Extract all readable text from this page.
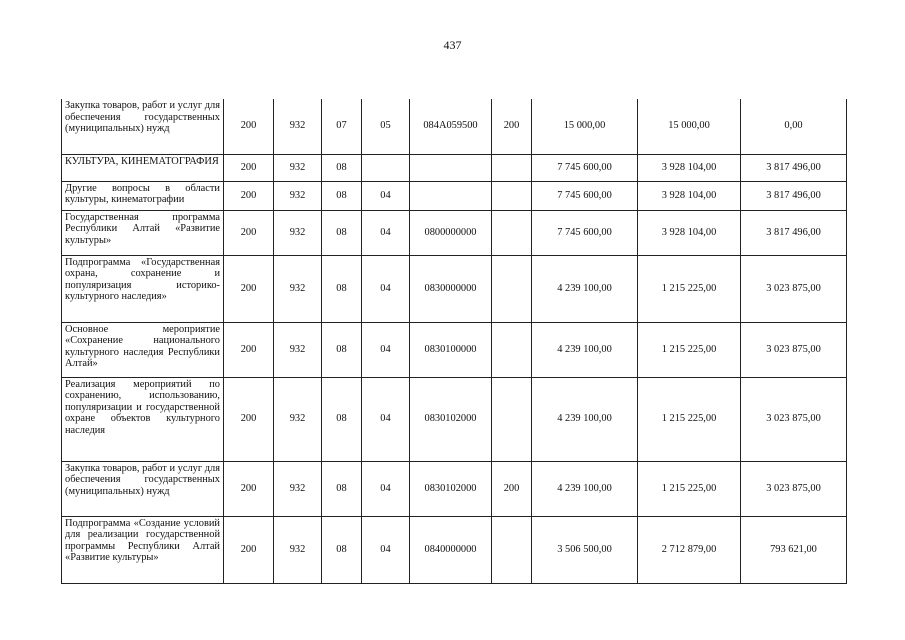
437
Закупка товаров, работ и услуг для обеспечения государственных (муниципальных) нужд	200	932	07	05	084A059500	200	15 000,00	15 000,00	0,00
КУЛЬТУРА, КИНЕМАТОГРАФИЯ	200	932	08				7 745 600,00	3 928 104,00	3 817 496,00
Другие вопросы в области культуры, кинематографии	200	932	08	04			7 745 600,00	3 928 104,00	3 817 496,00
Государственная программа Республики Алтай «Развитие культуры»	200	932	08	04	0800000000		7 745 600,00	3 928 104,00	3 817 496,00
Подпрограмма «Государственная охрана, сохранение и популяризация историко-культурного наследия»	200	932	08	04	0830000000		4 239 100,00	1 215 225,00	3 023 875,00
Основное мероприятие «Сохранение национального культурного наследия Республики Алтай»	200	932	08	04	0830100000		4 239 100,00	1 215 225,00	3 023 875,00
Реализация мероприятий по сохранению, использованию, популяризации и государственной охране объектов культурного наследия	200	932	08	04	0830102000		4 239 100,00	1 215 225,00	3 023 875,00
Закупка товаров, работ и услуг для обеспечения государственных (муниципальных) нужд	200	932	08	04	0830102000	200	4 239 100,00	1 215 225,00	3 023 875,00
Подпрограмма «Создание условий для реализации государственной программы Республики Алтай «Развитие культуры»	200	932	08	04	0840000000		3 506 500,00	2 712 879,00	793 621,00
